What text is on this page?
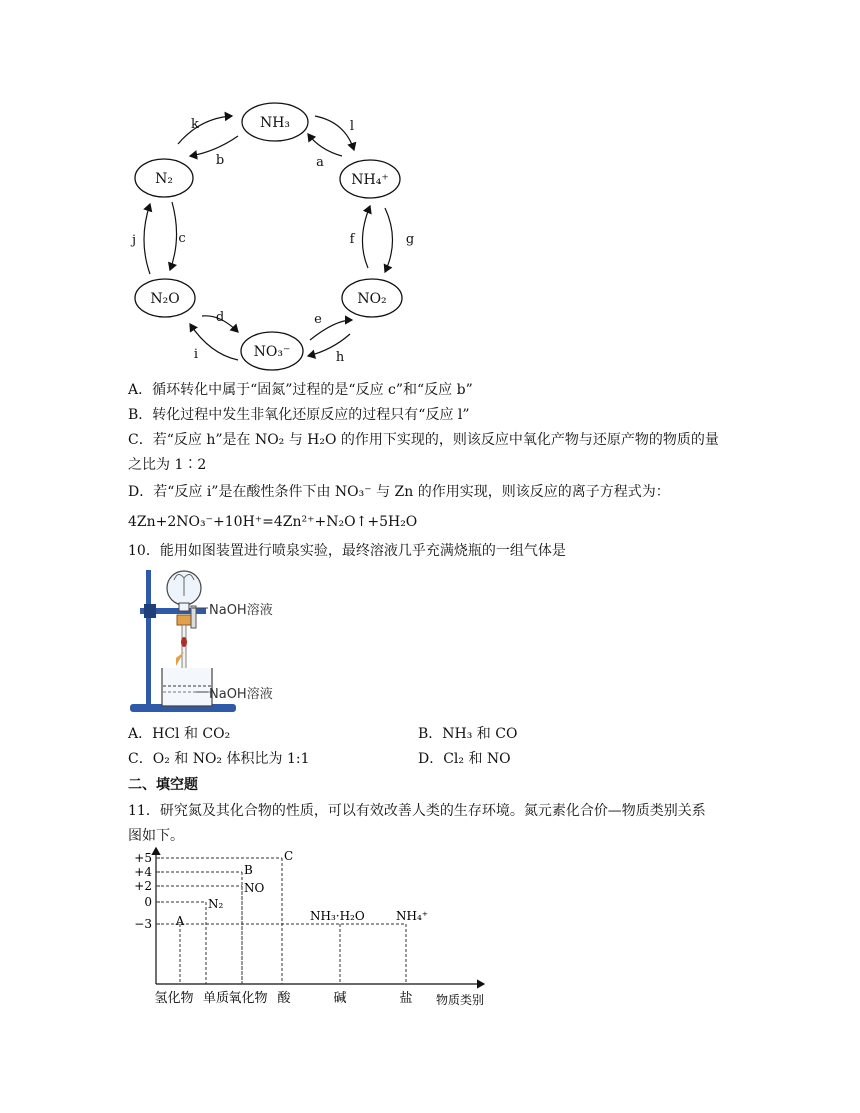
NH₃
NH₄⁺
NO₂
NO₃⁻
N₂O
N₂
k
b
l
a
f	g
e
h
d
i
j	c
A．循环转化中属于“固氮”过程的是“反应 c”和“反应 b”
B．转化过程中发生非氧化还原反应的过程只有“反应 l”
C．若“反应 h”是在 NO₂ 与 H₂O 的作用下实现的，则该反应中氧化产物与还原产物的物质的量
之比为 1∶2
D．若“反应 i”是在酸性条件下由 NO₃⁻ 与 Zn 的作用实现，则该反应的离子方程式为：
4Zn+2NO₃⁻+10H⁺=4Zn²⁺+N₂O↑+5H₂O
10．能用如图装置进行喷泉实验，最终溶液几乎充满烧瓶的一组气体是
NaOH溶液
NaOH溶液
A．HCl 和 CO₂	B．NH₃ 和 CO
C．O₂ 和 NO₂ 体积比为 1:1	D．Cl₂ 和 NO
二、填空题
11．研究氮及其化合物的性质，可以有效改善人类的生存环境。氮元素化合价—物质类别关系
图如下。
+5
+4
+2
0
−3
氢化物 单质 氧化物 酸	碱	盐 物质类别
A
N₂
NO
B
C
NH₃·H₂O	NH₄⁺
